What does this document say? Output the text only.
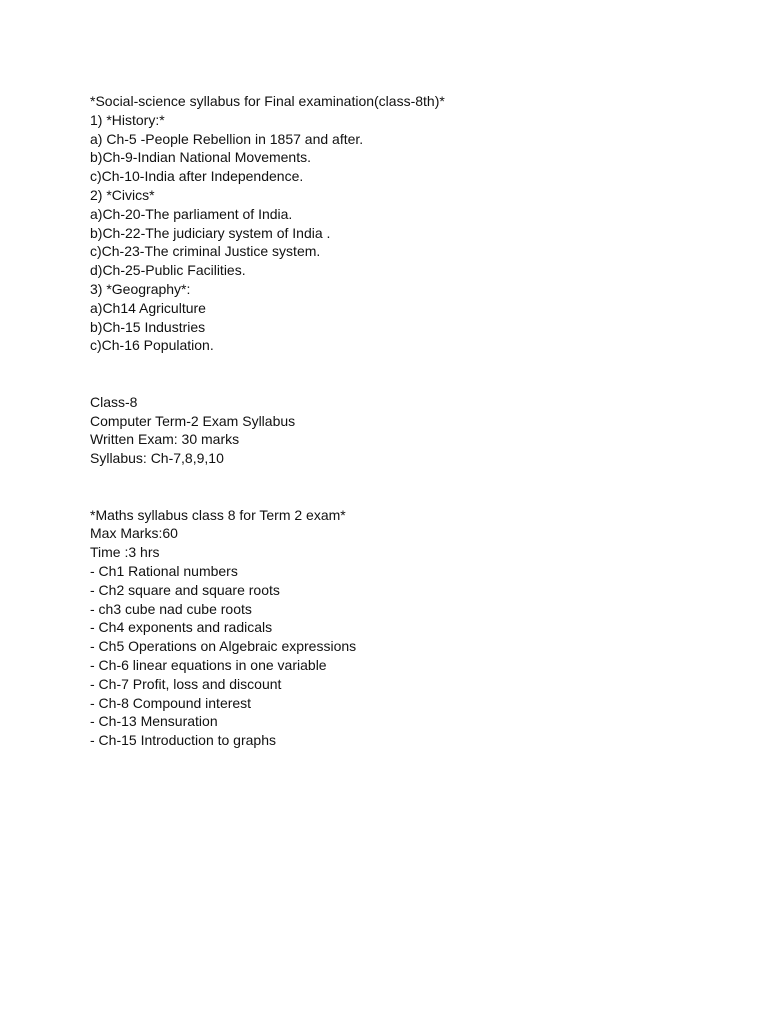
*Social-science syllabus for Final examination(class-8th)*
1) *History:*
a) Ch-5 -People Rebellion in 1857 and after.
b)Ch-9-Indian National Movements.
c)Ch-10-India after Independence.
2) *Civics*
a)Ch-20-The parliament of India.
b)Ch-22-The judiciary system of India .
c)Ch-23-The criminal Justice system.
d)Ch-25-Public Facilities.
3) *Geography*:
a)Ch14 Agriculture
b)Ch-15 Industries
c)Ch-16 Population.
Class-8
Computer Term-2 Exam Syllabus
Written Exam: 30 marks
Syllabus: Ch-7,8,9,10
*Maths syllabus class 8 for Term 2 exam*
Max Marks:60
Time :3 hrs
- Ch1 Rational numbers
- Ch2 square and square roots
- ch3 cube nad cube roots
- Ch4 exponents and radicals
- Ch5 Operations on Algebraic expressions
- Ch-6 linear equations in one variable
- Ch-7 Profit, loss and discount
- Ch-8 Compound interest
- Ch-13 Mensuration
- Ch-15 Introduction to graphs
